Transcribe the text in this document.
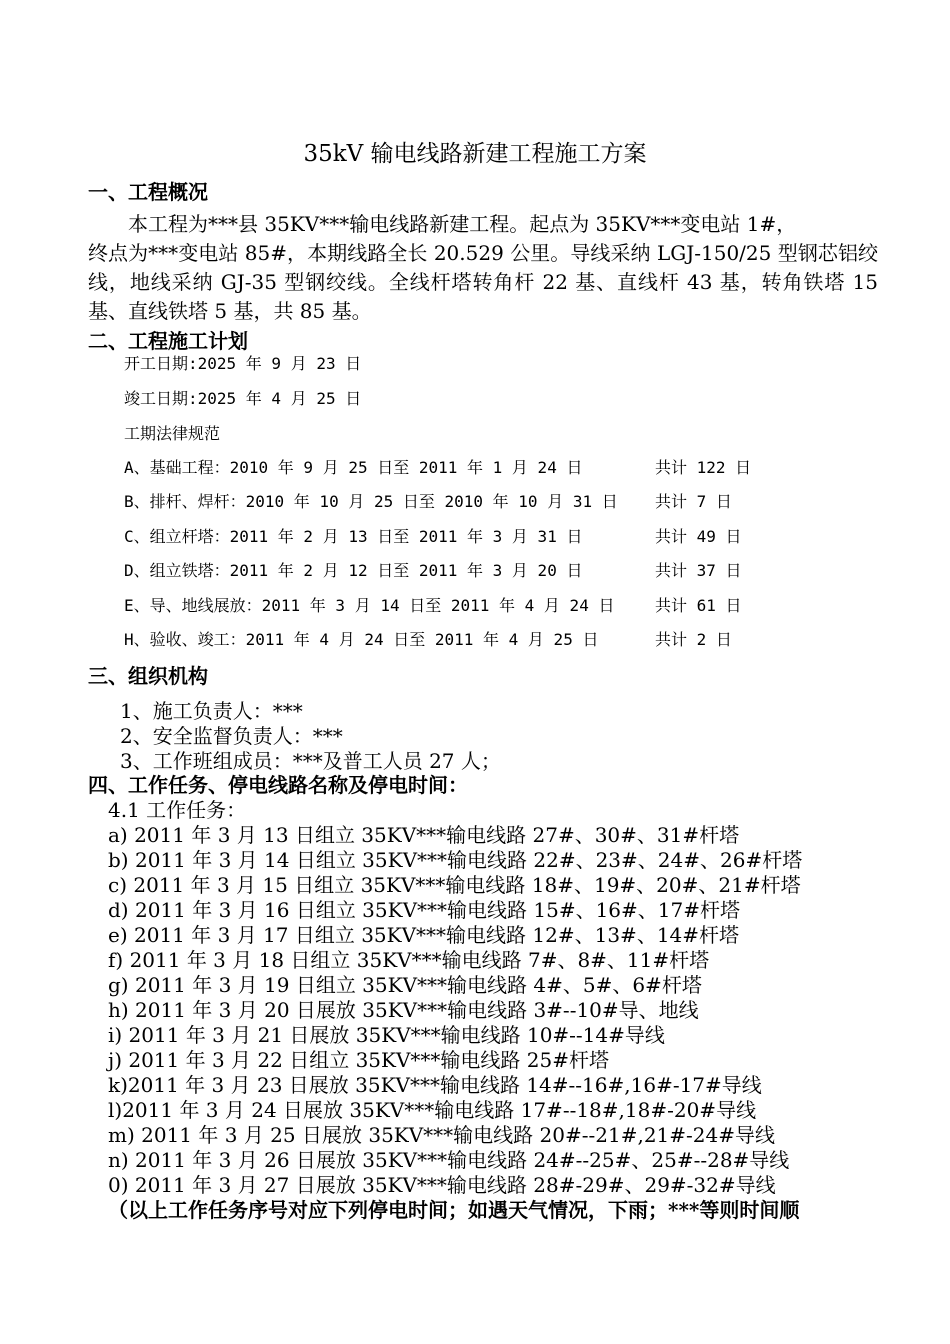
35kV 输电线路新建工程施工方案
一、工程概况

本工程为***县 35KV***输电线路新建工程。起点为 35KV***变电站 1#，
终点为***变电站 85#，本期线路全长 20.529 公里。导线采纳 LGJ-150/25 型钢芯铝绞线，地线采纳 GJ-35 型钢绞线。全线杆塔转角杆 22 基、直线杆 43 基，转角铁塔 15 基、直线铁塔 5 基，共 85 基。

二、工程施工计划
开工日期:2025 年 9 月 23 日
竣工日期:2025 年 4 月 25 日
工期法律规范
A、基础工程：2010 年 9 月 25 日至 2011 年 1 月 24 日	共计 122 日
B、排杆、焊杆：2010 年 10 月 25 日至 2010 年 10 月 31 日 共计 7 日
C、组立杆塔：2011 年 2 月 13 日至 2011 年 3 月 31 日	共计 49 日
D、组立铁塔：2011 年 2 月 12 日至 2011 年 3 月 20 日	共计 37 日
E、导、地线展放：2011 年 3 月 14 日至 2011 年 4 月 24 日	共计 61 日
H、验收、竣工：2011 年 4 月 24 日至 2011 年 4 月 25 日	共计 2 日
三、组织机构
1、施工负责人：***
2、安全监督负责人：***
3、工作班组成员：***及普工人员 27 人；
四、工作任务、停电线路名称及停电时间：
4.1 工作任务：
a) 2011 年 3 月 13 日组立 35KV***输电线路 27#、30#、31#杆塔
b) 2011 年 3 月 14 日组立 35KV***输电线路 22#、23#、24#、26#杆塔
c) 2011 年 3 月 15 日组立 35KV***输电线路 18#、19#、20#、21#杆塔
d) 2011 年 3 月 16 日组立 35KV***输电线路 15#、16#、17#杆塔
e) 2011 年 3 月 17 日组立 35KV***输电线路 12#、13#、14#杆塔
f) 2011 年 3 月 18 日组立 35KV***输电线路 7#、8#、11#杆塔
g) 2011 年 3 月 19 日组立 35KV***输电线路 4#、5#、6#杆塔
h) 2011 年 3 月 20 日展放 35KV***输电线路 3#--10#导、地线
i) 2011 年 3 月 21 日展放 35KV***输电线路 10#--14#导线
j) 2011 年 3 月 22 日组立 35KV***输电线路 25#杆塔
k)2011 年 3 月 23 日展放 35KV***输电线路 14#--16#,16#-17#导线
l)2011 年 3 月 24 日展放 35KV***输电线路 17#--18#,18#-20#导线
m) 2011 年 3 月 25 日展放 35KV***输电线路 20#--21#,21#-24#导线
n) 2011 年 3 月 26 日展放 35KV***输电线路 24#--25#、25#--28#导线
0) 2011 年 3 月 27 日展放 35KV***输电线路 28#-29#、29#-32#导线
（以上工作任务序号对应下列停电时间；如遇天气情况，下雨；***等则时间顺
